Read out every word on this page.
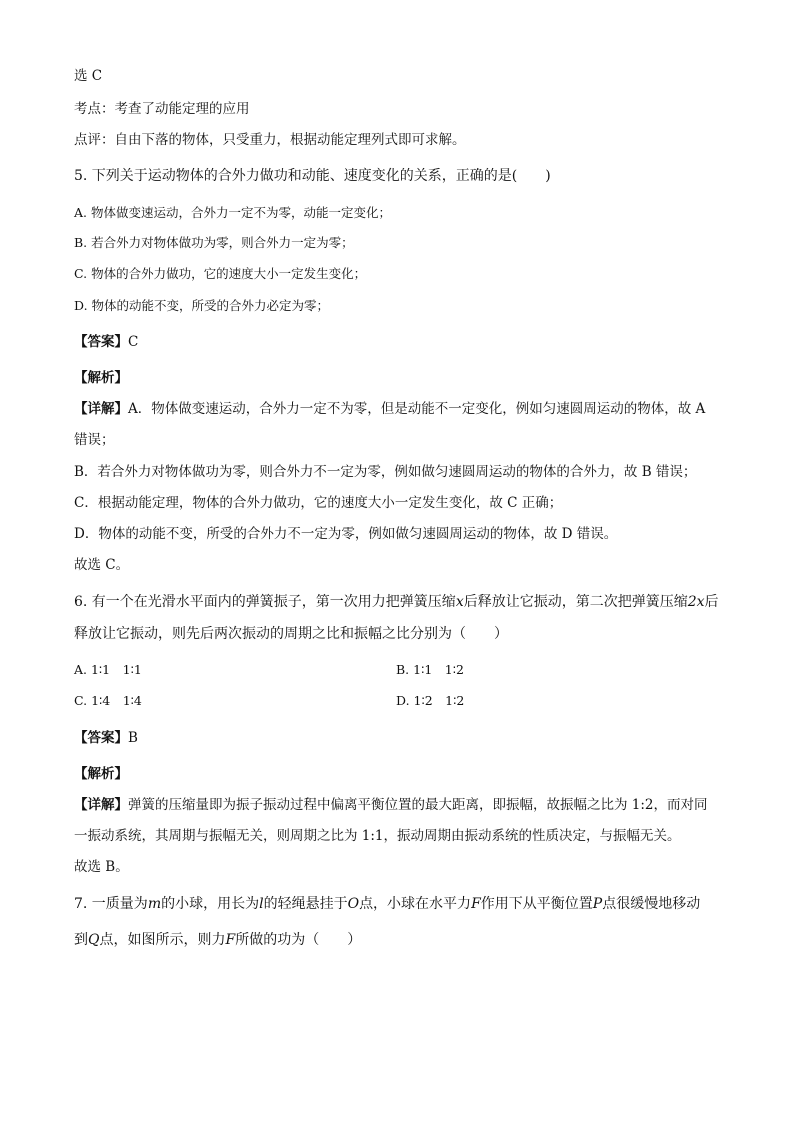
选 C
考点：考查了动能定理的应用
点评：自由下落的物体，只受重力，根据动能定理列式即可求解。
5. 下列关于运动物体的合外力做功和动能、速度变化的关系，正确的是(　　)
A. 物体做变速运动，合外力一定不为零，动能一定变化；
B. 若合外力对物体做功为零，则合外力一定为零；
C. 物体的合外力做功，它的速度大小一定发生变化；
D. 物体的动能不变，所受的合外力必定为零；
【答案】C
【解析】
【详解】A．物体做变速运动，合外力一定不为零，但是动能不一定变化，例如匀速圆周运动的物体，故 A
错误；
B．若合外力对物体做功为零，则合外力不一定为零，例如做匀速圆周运动的物体的合外力，故 B 错误；
C．根据动能定理，物体的合外力做功，它的速度大小一定发生变化，故 C 正确；
D．物体的动能不变，所受的合外力不一定为零，例如做匀速圆周运动的物体，故 D 错误。
故选 C。
6. 有一个在光滑水平面内的弹簧振子，第一次用力把弹簧压缩x后释放让它振动，第二次把弹簧压缩2x后
释放让它振动，则先后两次振动的周期之比和振幅之比分别为（　　）
A. 1∶1　1∶1	B. 1∶1　1∶2
C. 1∶4　1∶4	D. 1∶2　1∶2
【答案】B
【解析】
【详解】弹簧的压缩量即为振子振动过程中偏离平衡位置的最大距离，即振幅，故振幅之比为 1:2，而对同
一振动系统，其周期与振幅无关，则周期之比为 1:1，振动周期由振动系统的性质决定，与振幅无关。
故选 B。
7. 一质量为m的小球，用长为l的轻绳悬挂于O点，小球在水平力F作用下从平衡位置P点很缓慢地移动
到Q点，如图所示，则力F所做的功为（　　）
